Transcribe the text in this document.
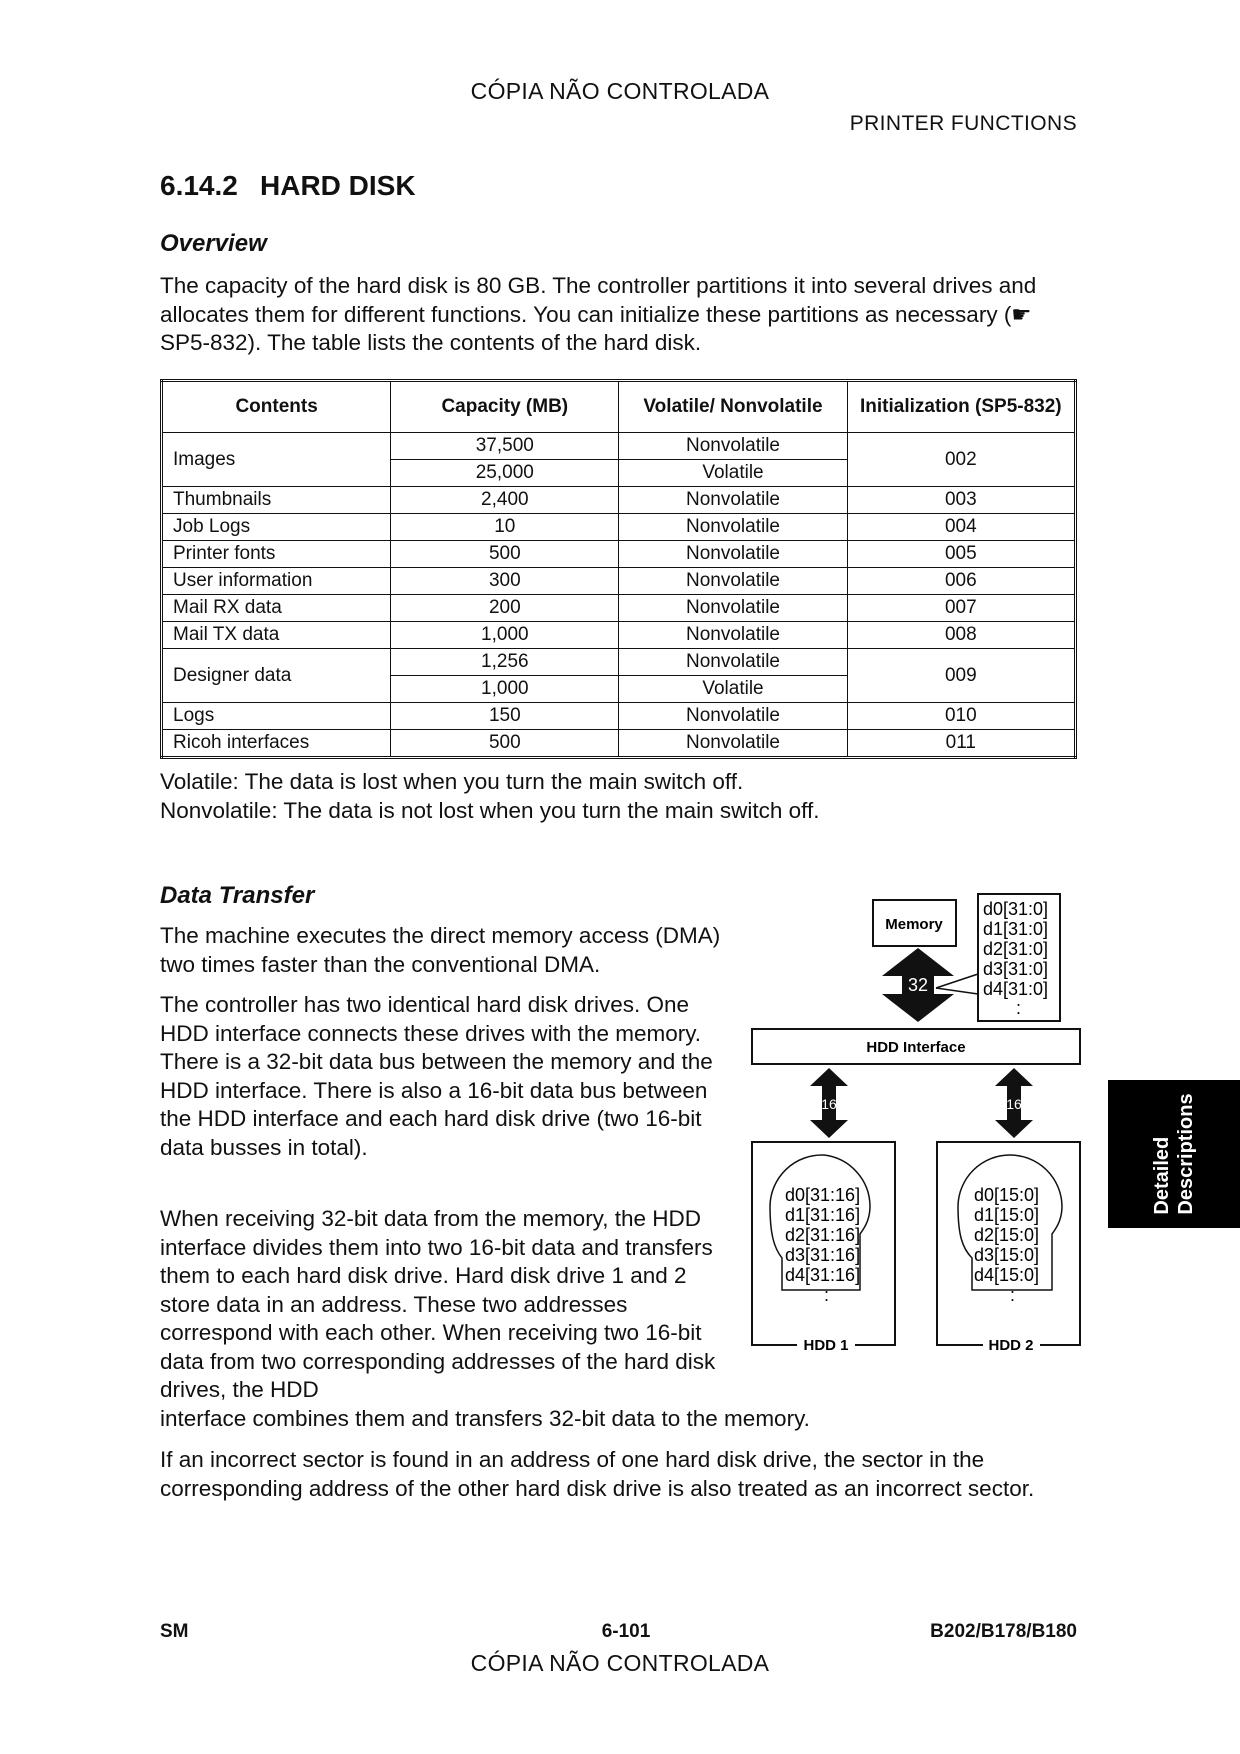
CÓPIA NÃO CONTROLADA
PRINTER FUNCTIONS
6.14.2 HARD DISK
Overview

The capacity of the hard disk is 80 GB. The controller partitions it into several drives and allocates them for different functions. You can initialize these partitions as necessary (☛ SP5-832). The table lists the contents of the hard disk.

Contents	Capacity (MB)	Volatile/ Nonvolatile	Initialization (SP5-832)
Images	37,500	Nonvolatile	002
	25,000	Volatile	
Thumbnails	2,400	Nonvolatile	003
Job Logs	10	Nonvolatile	004
Printer fonts	500	Nonvolatile	005
User information	300	Nonvolatile	006
Mail RX data	200	Nonvolatile	007
Mail TX data	1,000	Nonvolatile	008
Designer data	1,256	Nonvolatile	009
	1,000	Volatile	
Logs	150	Nonvolatile	010
Ricoh interfaces	500	Nonvolatile	011
Volatile: The data is lost when you turn the main switch off.
Nonvolatile: The data is not lost when you turn the main switch off.
Data Transfer

The machine executes the direct memory access (DMA) two times faster than the conventional DMA.

The controller has two identical hard disk drives. One HDD interface connects these drives with the memory. There is a 32-bit data bus between the memory and the HDD interface. There is also a 16-bit data bus between the HDD interface and each hard disk drive (two 16-bit data busses in total).

When receiving 32-bit data from the memory, the HDD interface divides them into two 16-bit data and transfers them to each hard disk drive. Hard disk drive 1 and 2 store data in an address. These two addresses correspond with each other. When receiving two 16-bit data from two corresponding addresses of the hard disk drives, the HDD

interface combines them and transfers 32-bit data to the memory.

If an incorrect sector is found in an address of one hard disk drive, the sector in the corresponding address of the other hard disk drive is also treated as an incorrect sector.

Memory
d0[31:0] d1[31:0] d2[31:0] d3[31:0] d4[31:0] :
32
HDD Interface
16	16
d0[31:16] d1[31:16] d2[31:16] d3[31:16] d4[31:16] :
HDD 1
d0[15:0] d1[15:0] d2[15:0] d3[15:0] d4[15:0] :
HDD 2
Detailed Descriptions
SM	6-101	B202/B178/B180
CÓPIA NÃO CONTROLADA
